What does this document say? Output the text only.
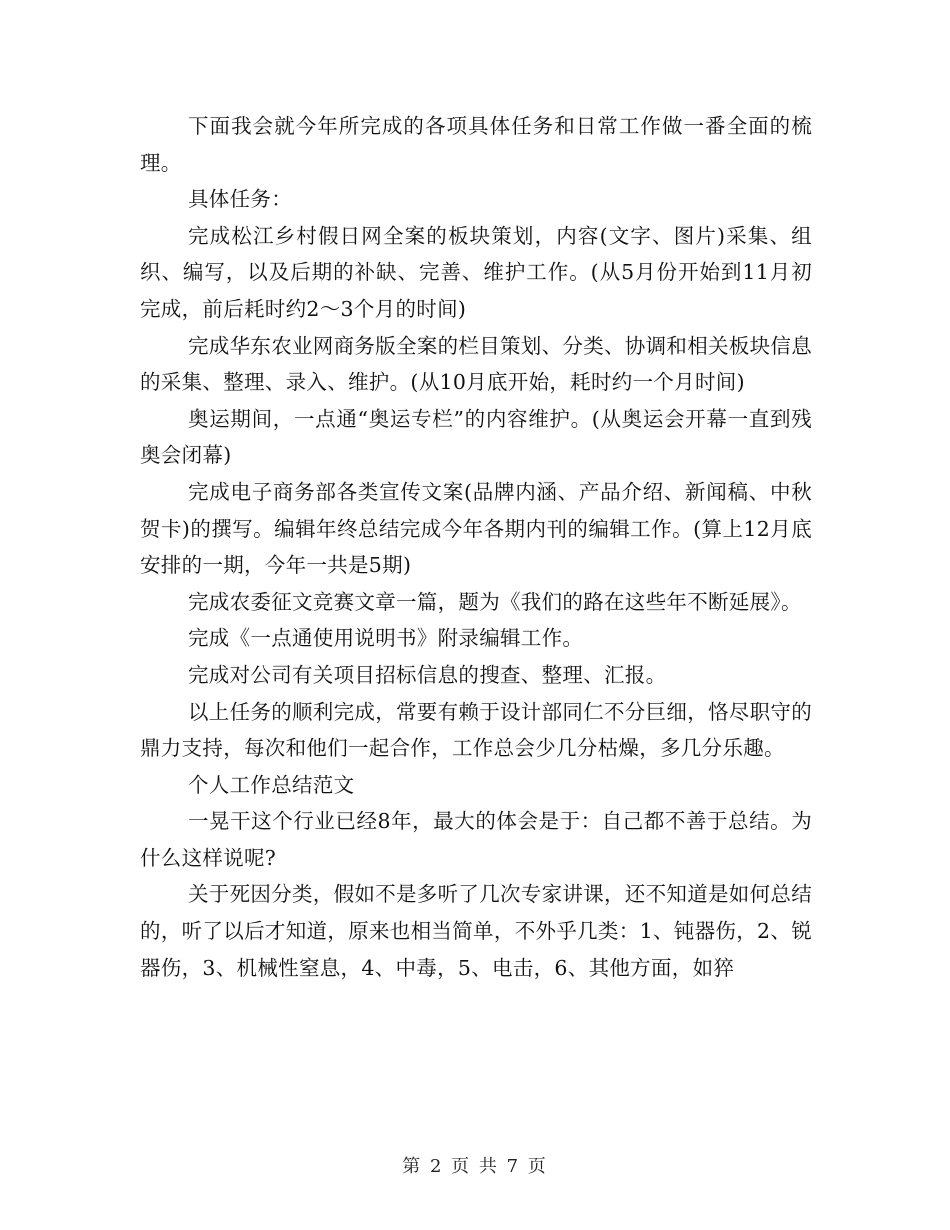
下面我会就今年所完成的各项具体任务和日常工作做一番全面的梳理。

具体任务：

完成松江乡村假日网全案的板块策划，内容(文字、图片)采集、组织、编写，以及后期的补缺、完善、维护工作。(从5月份开始到11月初完成，前后耗时约2～3个月的时间)

完成华东农业网商务版全案的栏目策划、分类、协调和相关板块信息的采集、整理、录入、维护。(从10月底开始，耗时约一个月时间)

奥运期间，一点通“奥运专栏”的内容维护。(从奥运会开幕一直到残奥会闭幕)

完成电子商务部各类宣传文案(品牌内涵、产品介绍、新闻稿、中秋贺卡)的撰写。编辑年终总结完成今年各期内刊的编辑工作。(算上12月底安排的一期，今年一共是5期)

完成农委征文竞赛文章一篇，题为《我们的路在这些年不断延展》。

完成《一点通使用说明书》附录编辑工作。

完成对公司有关项目招标信息的搜查、整理、汇报。

以上任务的顺利完成，常要有赖于设计部同仁不分巨细，恪尽职守的鼎力支持，每次和他们一起合作，工作总会少几分枯燥，多几分乐趣。

个人工作总结范文

一晃干这个行业已经8年，最大的体会是于：自己都不善于总结。为什么这样说呢?

关于死因分类，假如不是多听了几次专家讲课，还不知道是如何总结的，听了以后才知道，原来也相当简单，不外乎几类：1、钝器伤，2、锐器伤，3、机械性窒息，4、中毒，5、电击，6、其他方面，如猝

第 2 页 共 7 页
